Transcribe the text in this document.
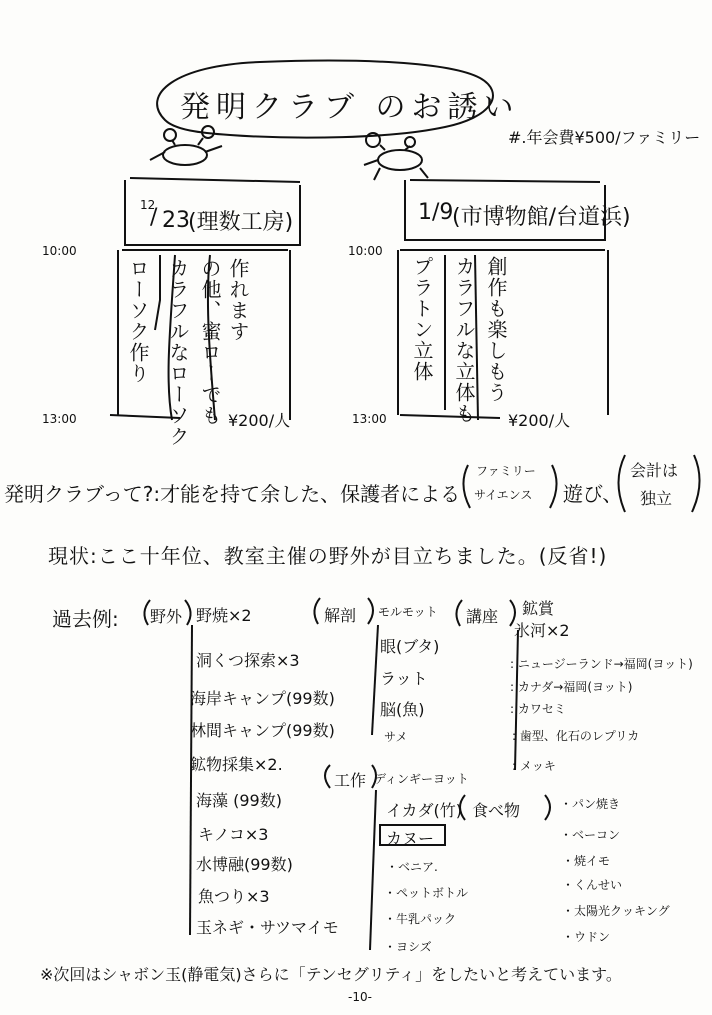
発明クラブ のお誘い
#.年会費¥500/ファミリー
12
/ 23
(理数工房)
10:00
13:00
ローソク作り カラフルなローソク の他、蜜ローでも 作れます
¥200/人
1/9
(市博物館/台道浜)
10:00
13:00
プラトン立体 カラフルな立体も 創作も楽しもう
¥200/人
発明クラブって?:才能を持て余した、保護者による
ファミリー
サイエンス 遊び、
会計は
独立
現状:ここ十年位、教室主催の野外が目立ちました。(反省!)
過去例: 野外 野焼×2
洞くつ探索×3
海岸キャンプ(99数)
林間キャンプ(99数)
鉱物採集×2.
海藻 (99数)
キノコ×3
水博融(99数)
魚つり×3
玉ネギ・サツマイモ
解剖 モルモット
眼(ブタ)
ラット
脳(魚)
サメ
講座 鉱賞
氷河×2
: ニュージーランド→福岡(ヨット)
: カナダ→福岡(ヨット)
: カワセミ
: 歯型、化石のレプリカ
: メッキ
工作 ディンギーヨット
イカダ(竹)
カヌー
・ベニア.
・ペットボトル
・牛乳パック
・ヨシズ
食べ物	・パン焼き
・ベーコン
・焼イモ
・くんせい
・太陽光クッキング
・ウドン
※次回はシャボン玉(静電気)さらに「テンセグリティ」をしたいと考えています。
-10-
